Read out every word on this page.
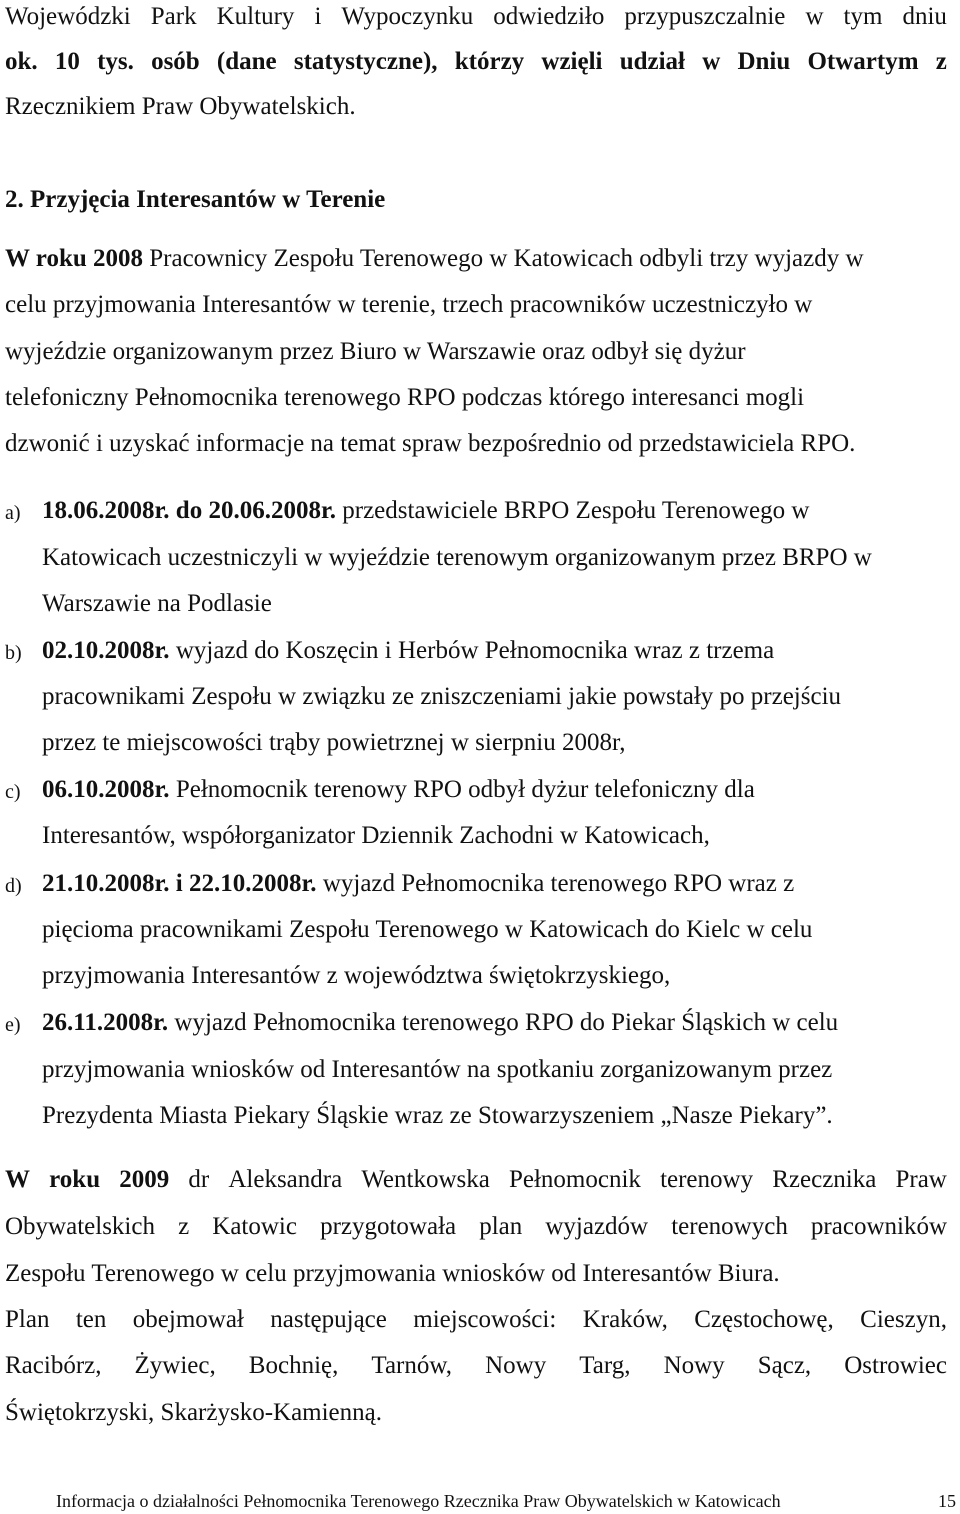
Wojewódzki Park Kultury i Wypoczynku odwiedziło przypuszczalnie w tym dniu
ok. 10 tys. osób (dane statystyczne), którzy wzięli udział w Dniu Otwartym z
Rzecznikiem Praw Obywatelskich.
2. Przyjęcia Interesantów w Terenie
W roku 2008 Pracownicy Zespołu Terenowego w Katowicach odbyli trzy wyjazdy w
celu przyjmowania Interesantów w terenie, trzech pracowników uczestniczyło w
wyjeździe organizowanym przez Biuro w Warszawie oraz odbył się dyżur
telefoniczny Pełnomocnika terenowego RPO podczas którego interesanci mogli
dzwonić i uzyskać informacje na temat spraw bezpośrednio od przedstawiciela RPO.
a) 18.06.2008r. do 20.06.2008r. przedstawiciele BRPO Zespołu Terenowego w
Katowicach uczestniczyli w wyjeździe terenowym organizowanym przez BRPO w
Warszawie na Podlasie
b) 02.10.2008r. wyjazd do Koszęcin i Herbów Pełnomocnika wraz z trzema
pracownikami Zespołu w związku ze zniszczeniami jakie powstały po przejściu
przez te miejscowości trąby powietrznej w sierpniu 2008r,
c) 06.10.2008r. Pełnomocnik terenowy RPO odbył dyżur telefoniczny dla
Interesantów, współorganizator Dziennik Zachodni w Katowicach,
d) 21.10.2008r. i 22.10.2008r. wyjazd Pełnomocnika terenowego RPO wraz z
pięcioma pracownikami Zespołu Terenowego w Katowicach do Kielc w celu
przyjmowania Interesantów z województwa świętokrzyskiego,
e) 26.11.2008r. wyjazd Pełnomocnika terenowego RPO do Piekar Śląskich w celu
przyjmowania wniosków od Interesantów na spotkaniu zorganizowanym przez
Prezydenta Miasta Piekary Śląskie wraz ze Stowarzyszeniem „Nasze Piekary”.
W roku 2009 dr Aleksandra Wentkowska Pełnomocnik terenowy Rzecznika Praw
Obywatelskich z Katowic przygotowała plan wyjazdów terenowych pracowników
Zespołu Terenowego w celu przyjmowania wniosków od Interesantów Biura.
Plan ten obejmował następujące miejscowości: Kraków, Częstochowę, Cieszyn,
Racibórz, Żywiec, Bochnię, Tarnów, Nowy Targ, Nowy Sącz, Ostrowiec
Świętokrzyski, Skarżysko-Kamienną.
Informacja o działalności Pełnomocnika Terenowego Rzecznika Praw Obywatelskich w Katowicach	15
